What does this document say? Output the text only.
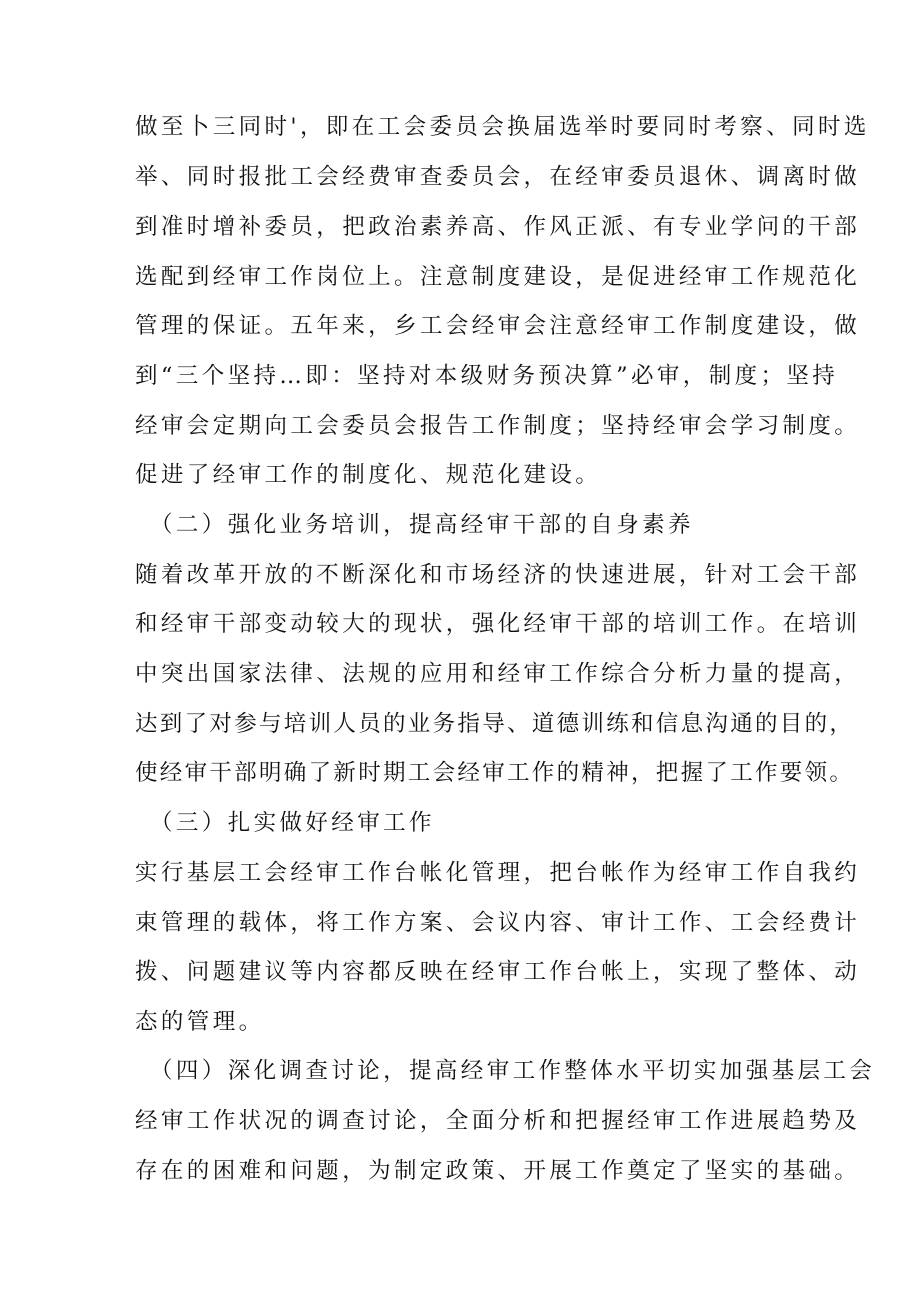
做至卜三同时'，即在工会委员会换届选举时要同时考察、同时选

举、同时报批工会经费审查委员会，在经审委员退休、调离时做

到准时增补委员，把政治素养高、作风正派、有专业学问的干部

选配到经审工作岗位上。注意制度建设，是促进经审工作规范化

管理的保证。五年来，乡工会经审会注意经审工作制度建设，做

到“三个坚持…即：坚持对本级财务预决算”必审，制度；坚持

经审会定期向工会委员会报告工作制度；坚持经审会学习制度。

促进了经审工作的制度化、规范化建设。

（二）强化业务培训，提高经审干部的自身素养

随着改革开放的不断深化和市场经济的快速进展，针对工会干部

和经审干部变动较大的现状，强化经审干部的培训工作。在培训

中突出国家法律、法规的应用和经审工作综合分析力量的提高，

达到了对参与培训人员的业务指导、道德训练和信息沟通的目的，

使经审干部明确了新时期工会经审工作的精神，把握了工作要领。

（三）扎实做好经审工作

实行基层工会经审工作台帐化管理，把台帐作为经审工作自我约

束管理的载体，将工作方案、会议内容、审计工作、工会经费计

拨、问题建议等内容都反映在经审工作台帐上，实现了整体、动

态的管理。

（四）深化调查讨论，提高经审工作整体水平切实加强基层工会

经审工作状况的调查讨论，全面分析和把握经审工作进展趋势及

存在的困难和问题，为制定政策、开展工作奠定了坚实的基础。
